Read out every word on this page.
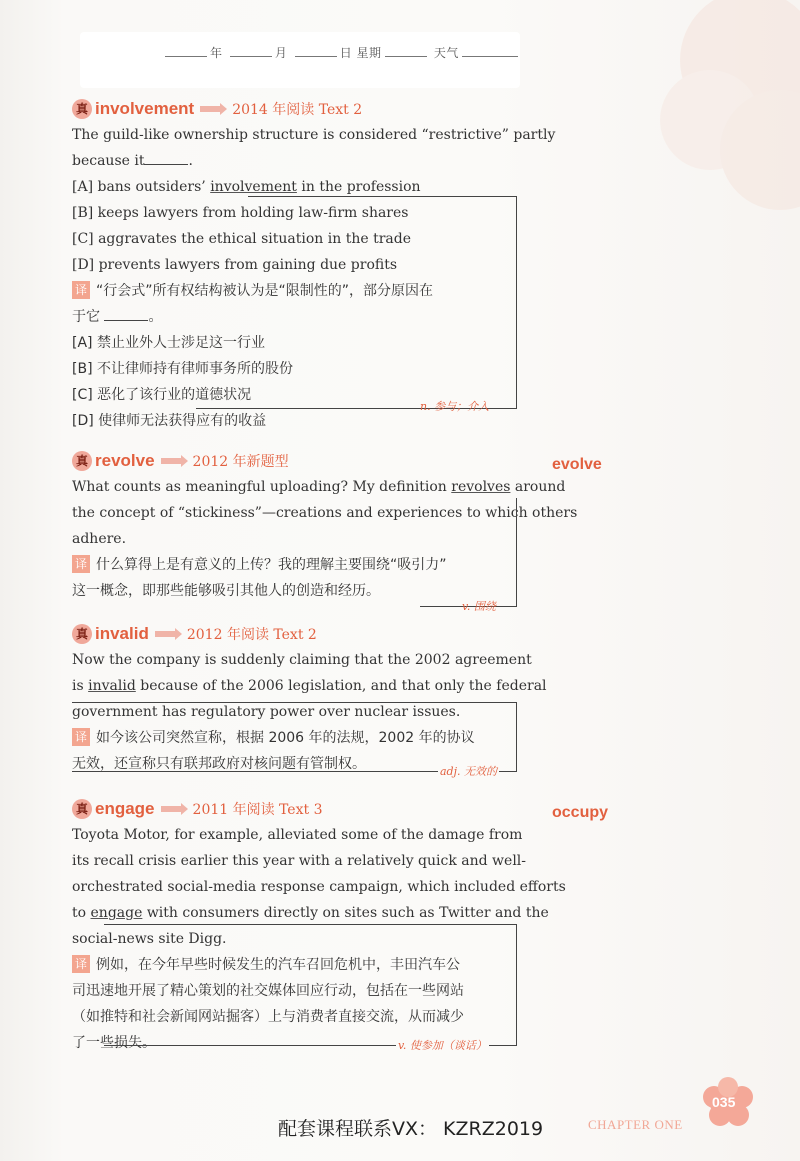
年	月	日 星期	天气
真 involvement	2014 年阅读 Text 2
The guild-like ownership structure is considered “restrictive” partly
because it	.
[A] bans outsiders’ involvement in the profession
[B] keeps lawyers from holding law-firm shares
[C] aggravates the ethical situation in the trade
[D] prevents lawyers from gaining due profits
译 “行会式”所有权结构被认为是“限制性的”，部分原因在
于它	。
[A] 禁止业外人士涉足这一行业
[B] 不让律师持有律师事务所的股份
[C] 恶化了该行业的道德状况
[D] 使律师无法获得应有的收益
n. 参与；介入
真 revolve	2012 年新题型
What counts as meaningful uploading? My definition revolves around
the concept of “stickiness”—creations and experiences to which others
adhere.
译 什么算得上是有意义的上传？我的理解主要围绕“吸引力”
这一概念，即那些能够吸引其他人的创造和经历。
v. 围绕
evolve
真 invalid	2012 年阅读 Text 2
Now the company is suddenly claiming that the 2002 agreement
is invalid because of the 2006 legislation, and that only the federal
government has regulatory power over nuclear issues.
译 如今该公司突然宣称，根据 2006 年的法规，2002 年的协议
无效，还宣称只有联邦政府对核问题有管制权。	adj. 无效的
真 engage	2011 年阅读 Text 3
Toyota Motor, for example, alleviated some of the damage from
its recall crisis earlier this year with a relatively quick and well-
orchestrated social-media response campaign, which included efforts
to engage with consumers directly on sites such as Twitter and the
social-news site Digg.
译 例如，在今年早些时候发生的汽车召回危机中，丰田汽车公
司迅速地开展了精心策划的社交媒体回应行动，包括在一些网站
（如推特和社会新闻网站掘客）上与消费者直接交流，从而减少
了一些损失。	v. 使参加（谈话）
occupy
配套课程联系VX： KZRZ2019	CHAPTER ONE
035
